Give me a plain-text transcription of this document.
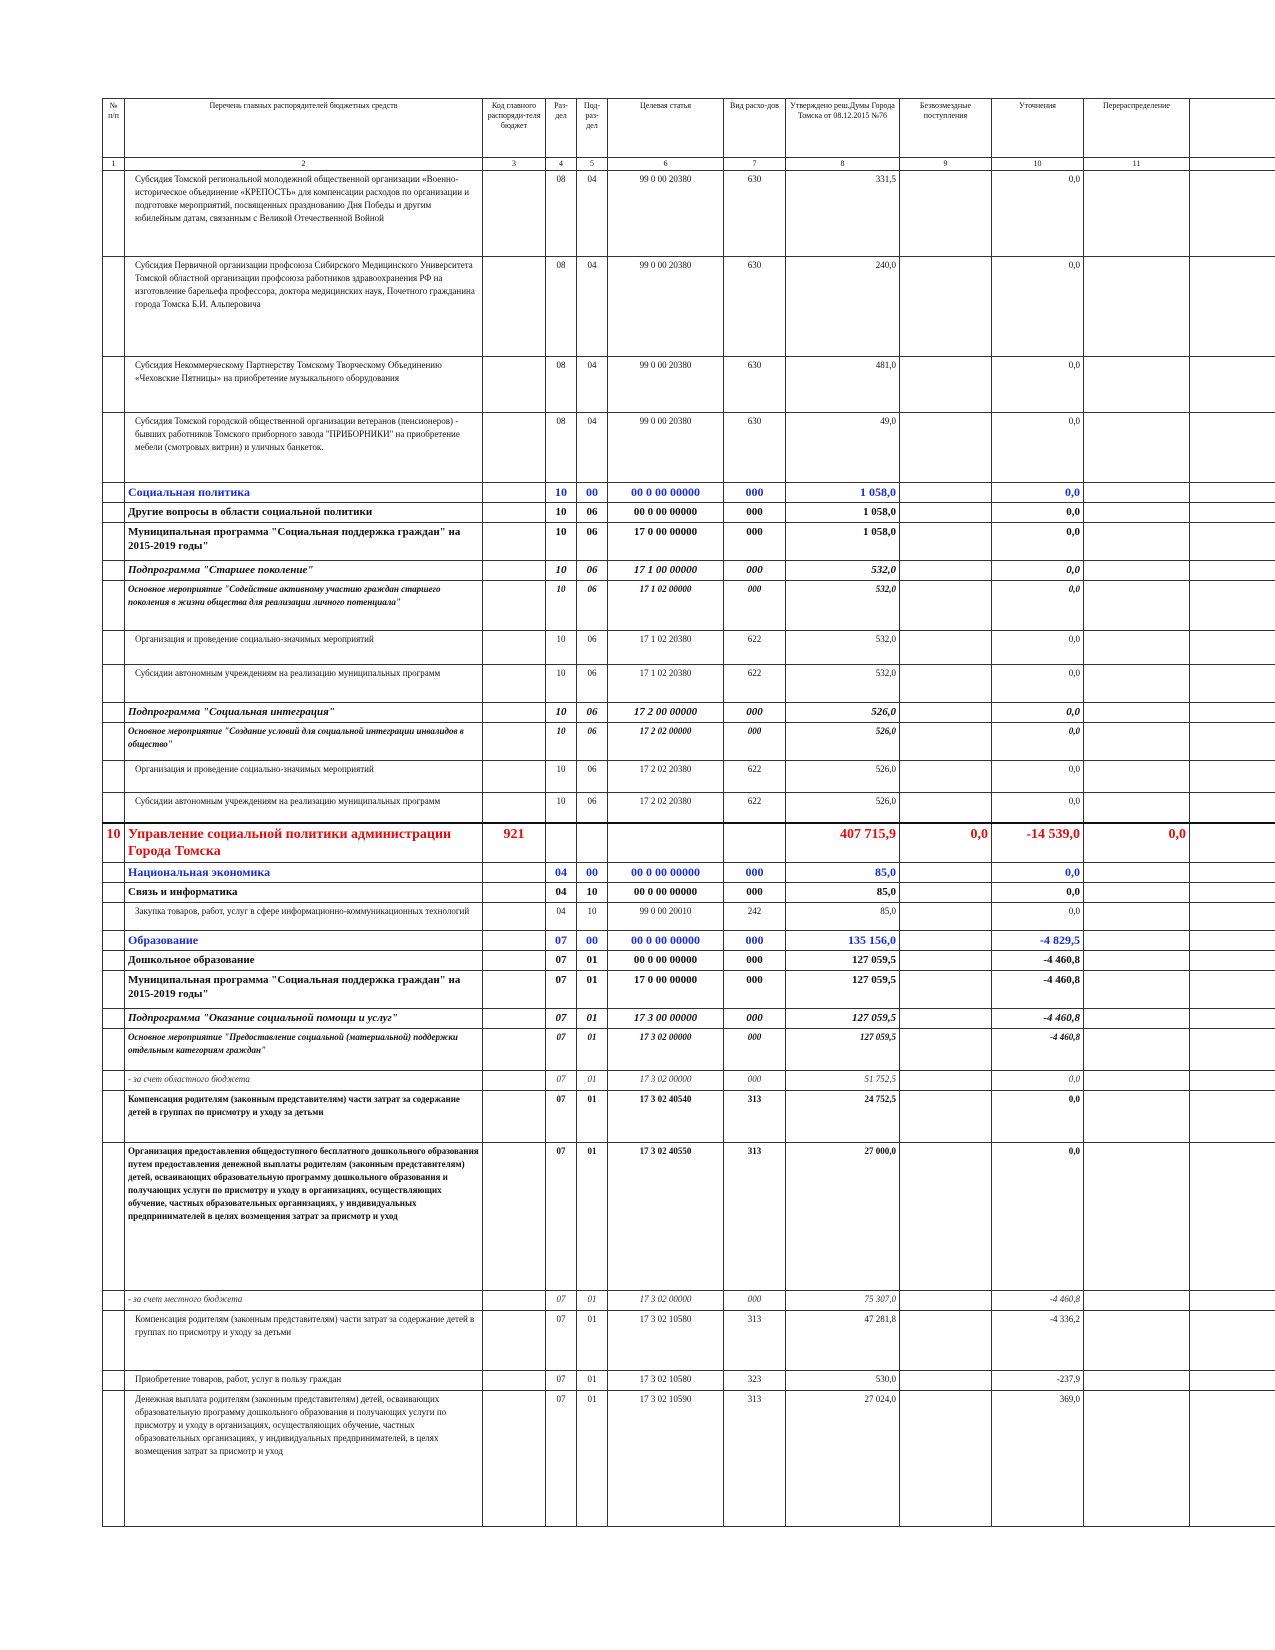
№ п/п	Перечень главных распорядителей бюджетных средств	Код главного распоряди-теля бюджет	Раз-дел	Под-раз-дел	Целевая статья	Вид расхо-дов	Утверждено реш.Думы Города Томска от 08.12.2015 №76	Безвозмездные поступления	Уточнения	Перераспределение	
1	2	3	4	5	6	7	8	9	10	11	
	Субсидия Томской региональной молодежной общественной организации «Военно-историческое объединение «КРЕПОСТЬ» для компенсации расходов по организации и подготовке мероприятий, посвященных празднованию Дня Победы и другим юбилейным датам, связанным с Великой Отечественной Войной		08	04	99 0 00 20380	630	331,5		0,0		
	Субсидия Первичной организации профсоюза Сибирского Медицинского Университета Томской областной организации профсоюза работников здравоохранения РФ на изготовление барельефа профессора, доктора медицинских наук, Почетного гражданина города Томска Б.И. Альперовича		08	04	99 0 00 20380	630	240,0		0,0		
	Субсидия Некоммерческому Партнерству Томскому Творческому Объединению «Чеховские Пятницы» на приобретение музыкального оборудования		08	04	99 0 00 20380	630	481,0		0,0		
	Субсидия Томской городской общественной организации ветеранов (пенсионеров) - бывших работников Томского приборного завода "ПРИБОРНИКИ" на приобретение мебели (смотровых витрин) и уличных банкеток.		08	04	99 0 00 20380	630	49,0		0,0		
	Социальная политика		10	00	00 0 00 00000	000	1 058,0		0,0		
	Другие вопросы в области социальной политики		10	06	00 0 00 00000	000	1 058,0		0,0		
	Муниципальная программа "Социальная поддержка граждан" на 2015-2019 годы"		10	06	17 0 00 00000	000	1 058,0		0,0		
	Подпрограмма "Старшее поколение"		10	06	17 1 00 00000	000	532,0		0,0		
	Основное мероприятие "Содействие активному участию граждан старшего поколения в жизни общества для реализации личного потенциала"		10	06	17 1 02 00000	000	532,0		0,0		
	Организация и проведение социально-значимых мероприятий		10	06	17 1 02 20380	622	532,0		0,0		
	Субсидии автономным учреждениям на реализацию муниципальных программ		10	06	17 1 02 20380	622	532,0		0,0		
	Подпрограмма "Социальная интеграция"		10	06	17 2 00 00000	000	526,0		0,0		
	Основное мероприятие "Создание условий для социальной интеграции инвалидов в общество"		10	06	17 2 02 00000	000	526,0		0,0		
	Организация и проведение социально-значимых мероприятий		10	06	17 2 02 20380	622	526,0		0,0		
	Субсидии автономным учреждениям на реализацию муниципальных программ		10	06	17 2 02 20380	622	526,0		0,0		
10	Управление социальной политики администрации Города Томска	921					407 715,9	0,0	-14 539,0	0,0	
	Национальная экономика		04	00	00 0 00 00000	000	85,0		0,0		
	Связь и информатика		04	10	00 0 00 00000	000	85,0		0,0		
	Закупка товаров, работ, услуг в сфере информационно-коммуникационных технологий		04	10	99 0 00 20010	242	85,0		0,0		
	Образование		07	00	00 0 00 00000	000	135 156,0		-4 829,5		
	Дошкольное образование		07	01	00 0 00 00000	000	127 059,5		-4 460,8		
	Муниципальная программа "Социальная поддержка граждан" на 2015-2019 годы"		07	01	17 0 00 00000	000	127 059,5		-4 460,8		
	Подпрограмма "Оказание социальной помощи и услуг"		07	01	17 3 00 00000	000	127 059,5		-4 460,8		
	Основное мероприятие "Предоставление социальной (материальной) поддержки отдельным категориям граждан"		07	01	17 3 02 00000	000	127 059,5		-4 460,8		
	- за счет областного бюджета		07	01	17 3 02 00000	000	51 752,5		0,0		
	Компенсация родителям (законным представителям) части затрат за содержание детей в группах по присмотру и уходу за детьми		07	01	17 3 02 40540	313	24 752,5		0,0		
	Организация предоставления общедоступного бесплатного дошкольного образования путем предоставления денежной выплаты родителям (законным представителям) детей, осваивающих образовательную программу дошкольного образования и получающих услуги по присмотру и уходу в организациях, осуществляющих обучение, частных образовательных организациях, у индивидуальных предпринимателей в целях возмещения затрат за присмотр и уход		07	01	17 3 02 40550	313	27 000,0		0,0		
	- за счет местного бюджета		07	01	17 3 02 00000	000	75 307,0		-4 460,8		
	Компенсация родителям (законным представителям) части затрат за содержание детей в группах по присмотру и уходу за детьми		07	01	17 3 02 10580	313	47 281,8		-4 336,2		
	Приобретение товаров, работ, услуг в пользу граждан		07	01	17 3 02 10580	323	530,0		-237,9		
	Денежная выплата родителям (законным представителям) детей, осваивающих образовательную программу дошкольного образования и получающих услуги по присмотру и уходу в организациях, осуществляющих обучение, частных образовательных организациях, у индивидуальных предпринимателей, в целях возмещения затрат за присмотр и уход		07	01	17 3 02 10590	313	27 024,0		369,0		
